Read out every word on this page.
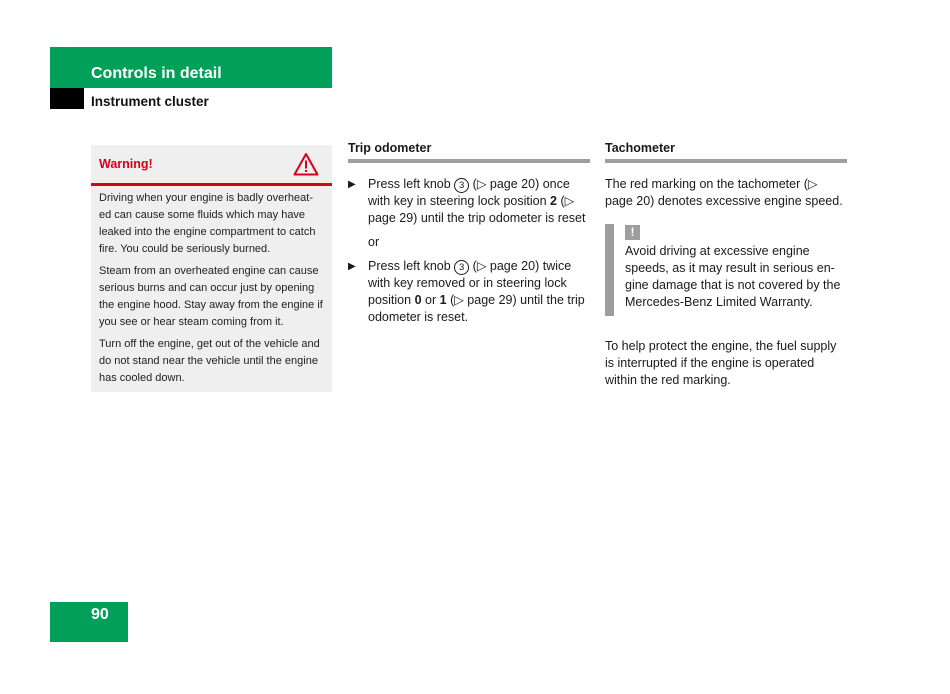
Controls in detail
Instrument cluster
Warning!

Driving when your engine is badly overheat-ed can cause some fluids which may have leaked into the engine compartment to catch fire. You could be seriously burned.

Steam from an overheated engine can cause serious burns and can occur just by opening the engine hood. Stay away from the engine if you see or hear steam coming from it.

Turn off the engine, get out of the vehicle and do not stand near the vehicle until the engine has cooled down.

Trip odometer
▶ Press left knob 3 (▷ page 20) once with key in steering lock position 2 (▷ page 29) until the trip odometer is reset
or
▶ Press left knob 3 (▷ page 20) twice with key removed or in steering lock position 0 or 1 (▷ page 29) until the trip odometer is reset.
Tachometer
The red marking on the tachometer (▷ page 20) denotes excessive engine speed.
!
Avoid driving at excessive engine speeds, as it may result in serious en-gine damage that is not covered by the Mercedes-Benz Limited Warranty.
To help protect the engine, the fuel supply is interrupted if the engine is operated within the red marking.
90
